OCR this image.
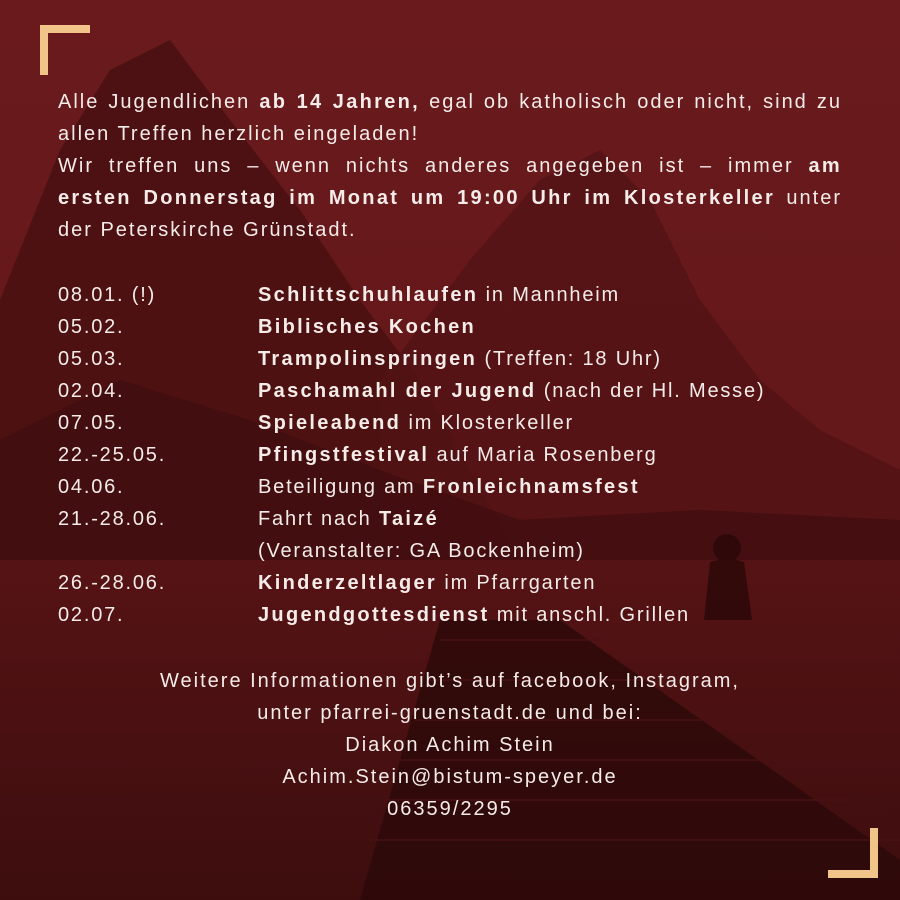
Alle Jugendlichen ab 14 Jahren, egal ob katholisch oder nicht, sind zu allen Treffen herzlich eingeladen!

Wir treffen uns – wenn nichts anderes angegeben ist – immer am ersten Donnerstag im Monat um 19:00 Uhr im Klosterkeller unter der Peterskirche Grünstadt.

08.01. (!)	Schlittschuhlaufen in Mannheim
05.02.	Biblisches Kochen
05.03.	Trampolinspringen (Treffen: 18 Uhr)
02.04.	Paschamahl der Jugend (nach der Hl. Messe)
07.05.	Spieleabend im Klosterkeller
22.-25.05.	Pfingstfestival auf Maria Rosenberg
04.06.	Beteiligung am Fronleichnamsfest
21.-28.06.	Fahrt nach Taizé
(Veranstalter: GA Bockenheim)
26.-28.06.	Kinderzeltlager im Pfarrgarten
02.07.	Jugendgottesdienst mit anschl. Grillen
Weitere Informationen gibt’s auf facebook, Instagram,
unter pfarrei-gruenstadt.de und bei:
Diakon Achim Stein
Achim.Stein@bistum-speyer.de
06359/2295
